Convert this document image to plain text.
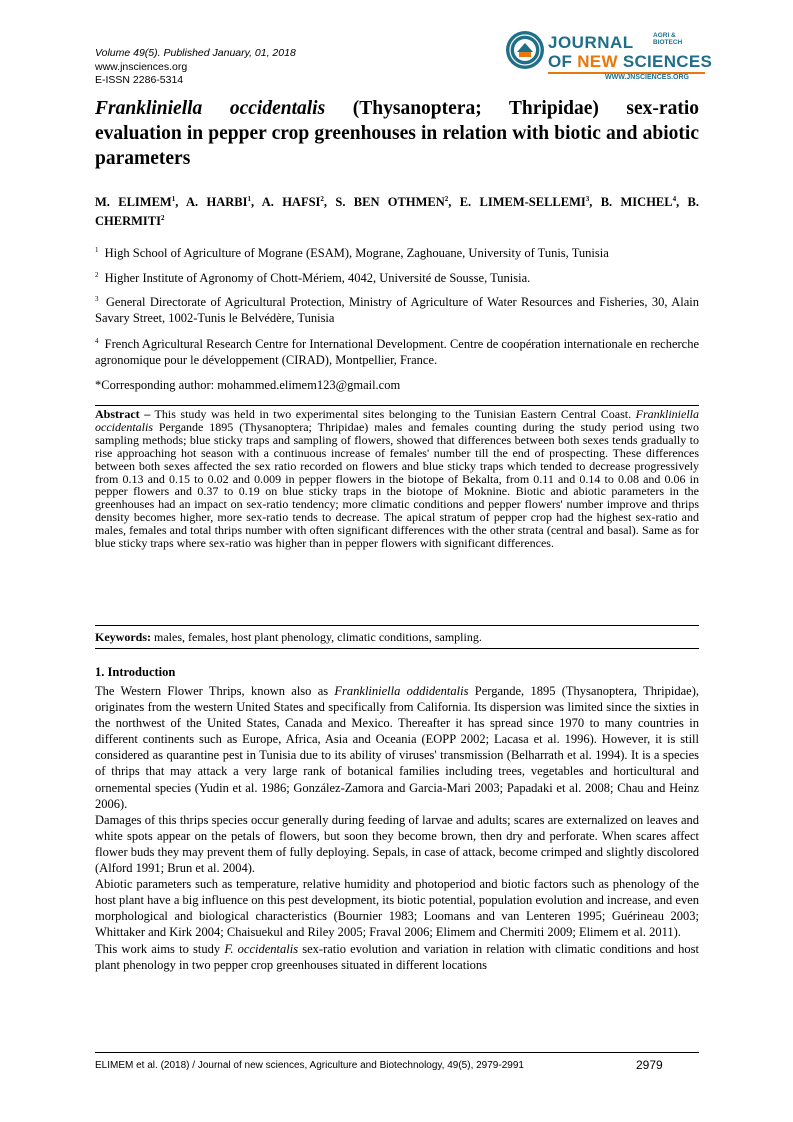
Volume 49(5). Published January, 01, 2018
www.jnsciences.org
E-ISSN 2286-5314
JOURNAL	AGRI & BIOTECH
OF NEW SCIENCES
WWW.JNSCIENCES.ORG
Frankliniella occidentalis (Thysanoptera; Thripidae) sex-ratio evaluation in pepper crop greenhouses in relation with biotic and abiotic parameters
M. ELIMEM$^1$, A. HARBI$^1$, A. HAFSI$^2$, S. BEN OTHMEN$^2$, E. LIMEM-SELLEMI$^3$, B. MICHEL$^4$, B. CHERMITI$^2$
$^1$ High School of Agriculture of Mograne (ESAM), Mograne, Zaghouane, University of Tunis, Tunisia
$^2$ Higher Institute of Agronomy of Chott-Mériem, 4042, Université de Sousse, Tunisia.
$^3$ General Directorate of Agricultural Protection, Ministry of Agriculture of Water Resources and Fisheries, 30, Alain Savary Street, 1002-Tunis le Belvédère, Tunisia
$^4$ French Agricultural Research Centre for International Development. Centre de coopération internationale en recherche agronomique pour le développement (CIRAD), Montpellier, France.
*Corresponding author: mohammed.elimem123@gmail.com
Abstract – This study was held in two experimental sites belonging to the Tunisian Eastern Central Coast. Frankliniella occidentalis Pergande 1895 (Thysanoptera; Thripidae) males and females counting during the study period using two sampling methods; blue sticky traps and sampling of flowers, showed that differences between both sexes tends gradually to rise approaching hot season with a continuous increase of females' number till the end of prospecting. These differences between both sexes affected the sex ratio recorded on flowers and blue sticky traps which tended to decrease progressively from 0.13 and 0.15 to 0.02 and 0.009 in pepper flowers in the biotope of Bekalta, from 0.11 and 0.14 to 0.08 and 0.06 in pepper flowers and 0.37 to 0.19 on blue sticky traps in the biotope of Moknine. Biotic and abiotic parameters in the greenhouses had an impact on sex-ratio tendency; more climatic conditions and pepper flowers' number improve and thrips density becomes higher, more sex-ratio tends to decrease. The apical stratum of pepper crop had the highest sex-ratio and males, females and total thrips number with often significant differences with the other strata (central and basal). Same as for blue sticky traps where sex-ratio was higher than in pepper flowers with significant differences.
Keywords: males, females, host plant phenology, climatic conditions, sampling.
1. Introduction

The Western Flower Thrips, known also as Frankliniella oddidentalis Pergande, 1895 (Thysanoptera, Thripidae), originates from the western United States and specifically from California. Its dispersion was limited since the sixties in the northwest of the United States, Canada and Mexico. Thereafter it has spread since 1970 to many countries in different continents such as Europe, Africa, Asia and Oceania (EOPP 2002; Lacasa et al. 1996). However, it is still considered as quarantine pest in Tunisia due to its ability of viruses' transmission (Belharrath et al. 1994). It is a species of thrips that may attack a very large rank of botanical families including trees, vegetables and horticultural and ornemental species (Yudin et al. 1986; González-Zamora and Garcia-Mari 2003; Papadaki et al. 2008; Chau and Heinz 2006).

Damages of this thrips species occur generally during feeding of larvae and adults; scares are externalized on leaves and white spots appear on the petals of flowers, but soon they become brown, then dry and perforate. When scares affect flower buds they may prevent them of fully deploying. Sepals, in case of attack, become crimped and slightly discolored (Alford 1991; Brun et al. 2004).

Abiotic parameters such as temperature, relative humidity and photoperiod and biotic factors such as phenology of the host plant have a big influence on this pest development, its biotic potential, population evolution and increase, and even morphological and biological characteristics (Bournier 1983; Loomans and van Lenteren 1995; Guérineau 2003; Whittaker and Kirk 2004; Chaisuekul and Riley 2005; Fraval 2006; Elimem and Chermiti 2009; Elimem et al. 2011).

This work aims to study F. occidentalis sex-ratio evolution and variation in relation with climatic conditions and host plant phenology in two pepper crop greenhouses situated in different locations

ELIMEM et al. (2018) / Journal of new sciences, Agriculture and Biotechnology, 49(5), 2979-2991	2979
